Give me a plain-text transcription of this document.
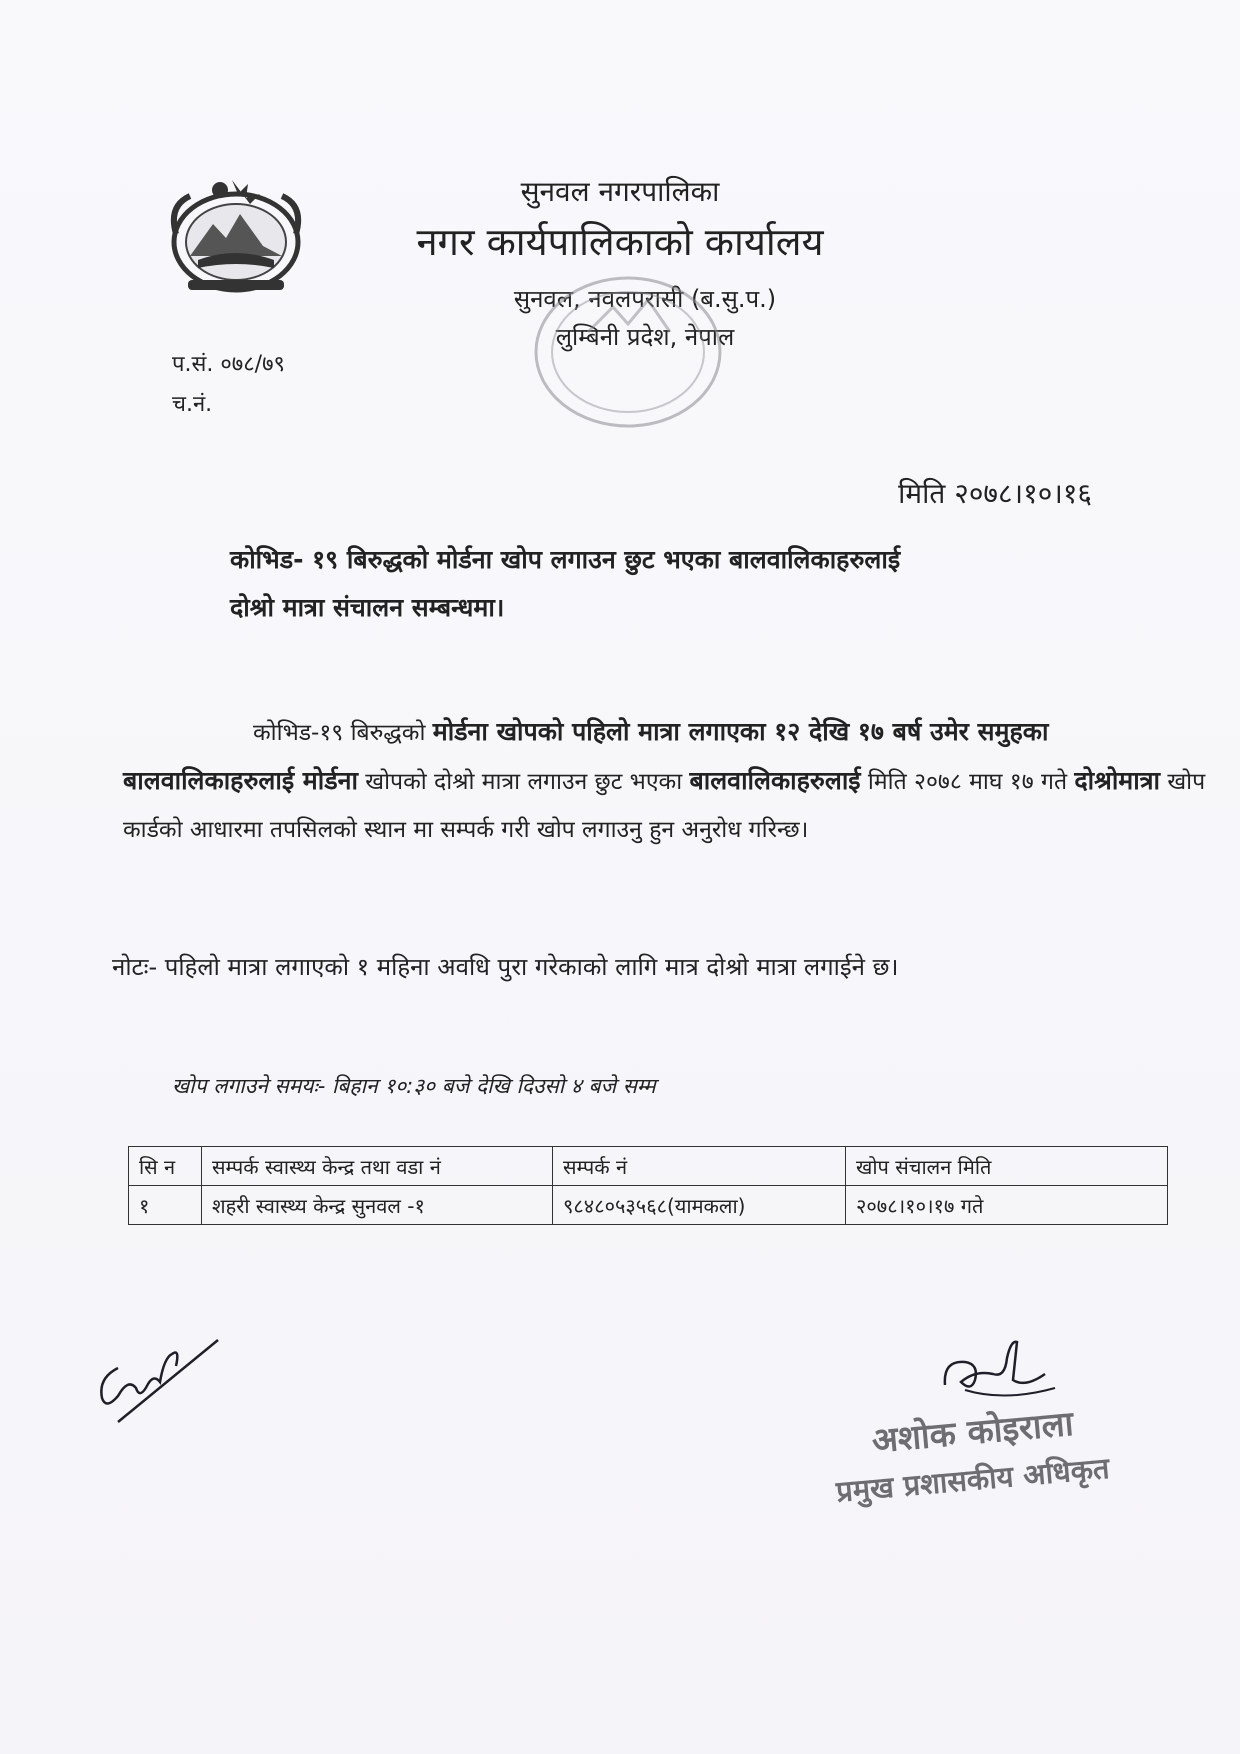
सुनवल नगरपालिका
नगर कार्यपालिकाको कार्यालय
सुनवल, नवलपरासी (ब.सु.प.)
लुम्बिनी प्रदेश, नेपाल
प.सं. ०७८/७९
च.नं.
मिति २०७८।१०।१६
कोभिड- १९ बिरुद्धको मोर्डना खोप लगाउन छुट भएका बालवालिकाहरुलाई
दोश्रो मात्रा संचालन सम्बन्धमा।
कोभिड-१९ बिरुद्धको मोर्डना खोपको पहिलो मात्रा लगाएका १२ देखि १७ बर्ष उमेर समुहका बालवालिकाहरुलाई मोर्डना खोपको दोश्रो मात्रा लगाउन छुट भएका बालवालिकाहरुलाई मिति २०७८ माघ १७ गते दोश्रोमात्रा खोप कार्डको आधारमा तपसिलको स्थान मा सम्पर्क गरी खोप लगाउनु हुन अनुरोध गरिन्छ।
नोटः- पहिलो मात्रा लगाएको १ महिना अवधि पुरा गरेकाको लागि मात्र दोश्रो मात्रा लगाईने छ।
खोप लगाउने समयः- बिहान १०:३० बजे देखि दिउसो ४ बजे सम्म
सि न	सम्पर्क स्वास्थ्य केन्द्र तथा वडा नं	सम्पर्क नं	खोप संचालन मिति
१	शहरी स्वास्थ्य केन्द्र सुनवल -१	९८४८०५३५६८(यामकला)	२०७८।१०।१७ गते
अशोक कोइराला
प्रमुख प्रशासकीय अधिकृत
